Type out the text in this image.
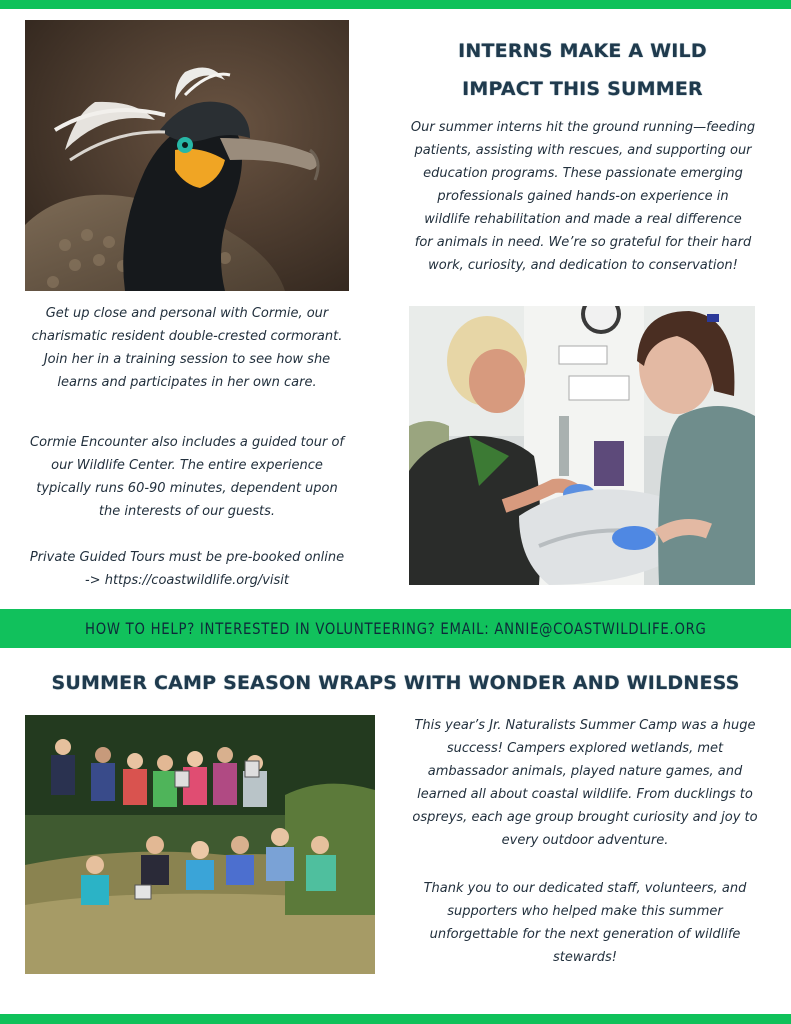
INTERNS MAKE A WILD
IMPACT THIS SUMMER
Our summer interns hit the ground running—feeding
patients, assisting with rescues, and supporting our
education programs. These passionate emerging
professionals gained hands-on experience in
wildlife rehabilitation and made a real difference
for animals in need. We’re so grateful for their hard
work, curiosity, and dedication to conservation!
Get up close and personal with Cormie, our
charismatic resident double-crested cormorant.
Join her in a training session to see how she
learns and participates in her own care.
Cormie Encounter also includes a guided tour of
our Wildlife Center. The entire experience
typically runs 60-90 minutes, dependent upon
the interests of our guests.
Private Guided Tours must be pre-booked online
-> https://coastwildlife.org/visit
HOW TO HELP? INTERESTED IN VOLUNTEERING? EMAIL: ANNIE@COASTWILDLIFE.ORG
SUMMER CAMP SEASON WRAPS WITH WONDER AND WILDNESS
This year’s Jr. Naturalists Summer Camp was a huge
success! Campers explored wetlands, met
ambassador animals, played nature games, and
learned all about coastal wildlife. From ducklings to
ospreys, each age group brought curiosity and joy to
every outdoor adventure.
Thank you to our dedicated staff, volunteers, and
supporters who helped make this summer
unforgettable for the next generation of wildlife
stewards!
